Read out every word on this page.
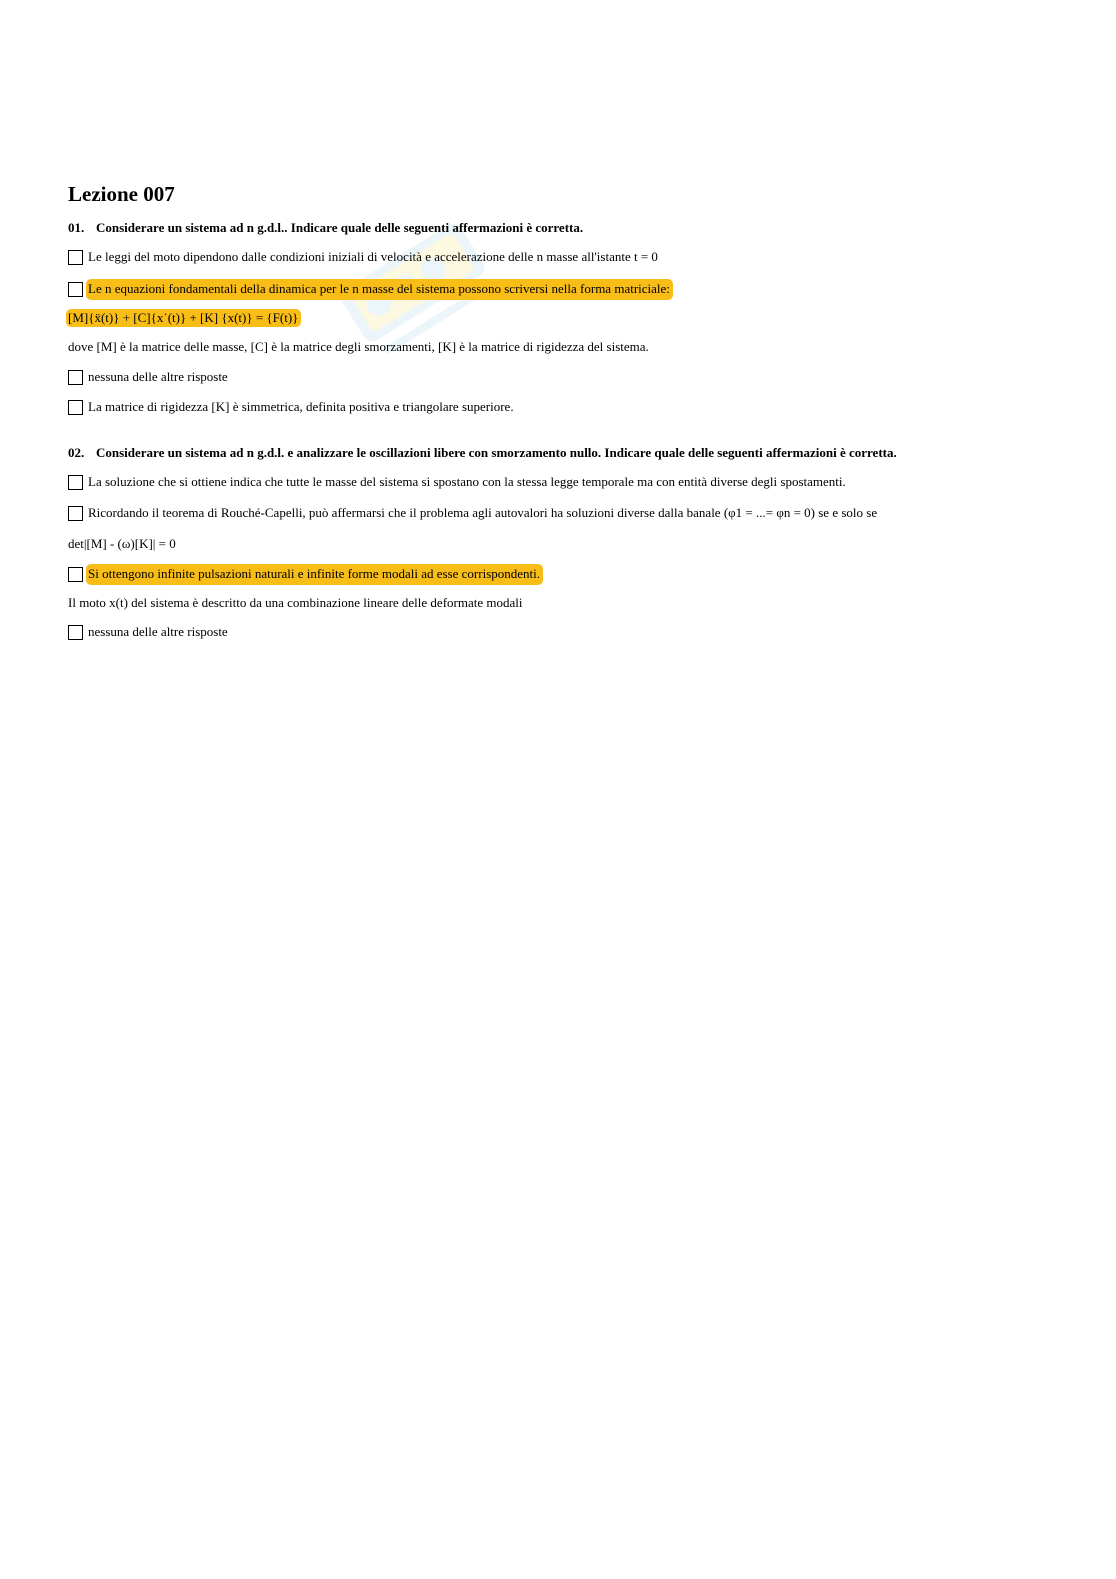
Lezione 007
01. Considerare un sistema ad n g.d.l.. Indicare quale delle seguenti affermazioni è corretta.
Le leggi del moto dipendono dalle condizioni iniziali di velocità e accelerazione delle n masse all'istante t = 0
Le n equazioni fondamentali della dinamica per le n masse del sistema possono scriversi nella forma matriciale:
[M]{ẍ(t)} + [C]{x˙(t)} + [K] {x(t)} = {F(t)}
dove [M] è la matrice delle masse, [C] è la matrice degli smorzamenti, [K] è la matrice di rigidezza del sistema.
nessuna delle altre risposte
La matrice di rigidezza [K] è simmetrica, definita positiva e triangolare superiore.
02. Considerare un sistema ad n g.d.l. e analizzare le oscillazioni libere con smorzamento nullo. Indicare quale delle seguenti affermazioni è corretta.
La soluzione che si ottiene indica che tutte le masse del sistema si spostano con la stessa legge temporale ma con entità diverse degli spostamenti.
Ricordando il teorema di Rouché-Capelli, può affermarsi che il problema agli autovalori ha soluzioni diverse dalla banale (φ1 = ...= φn = 0) se e solo se
det|[M] - (ω)[K]| = 0
Si ottengono infinite pulsazioni naturali e infinite forme modali ad esse corrispondenti.
Il moto x(t) del sistema è descritto da una combinazione lineare delle deformate modali
nessuna delle altre risposte
